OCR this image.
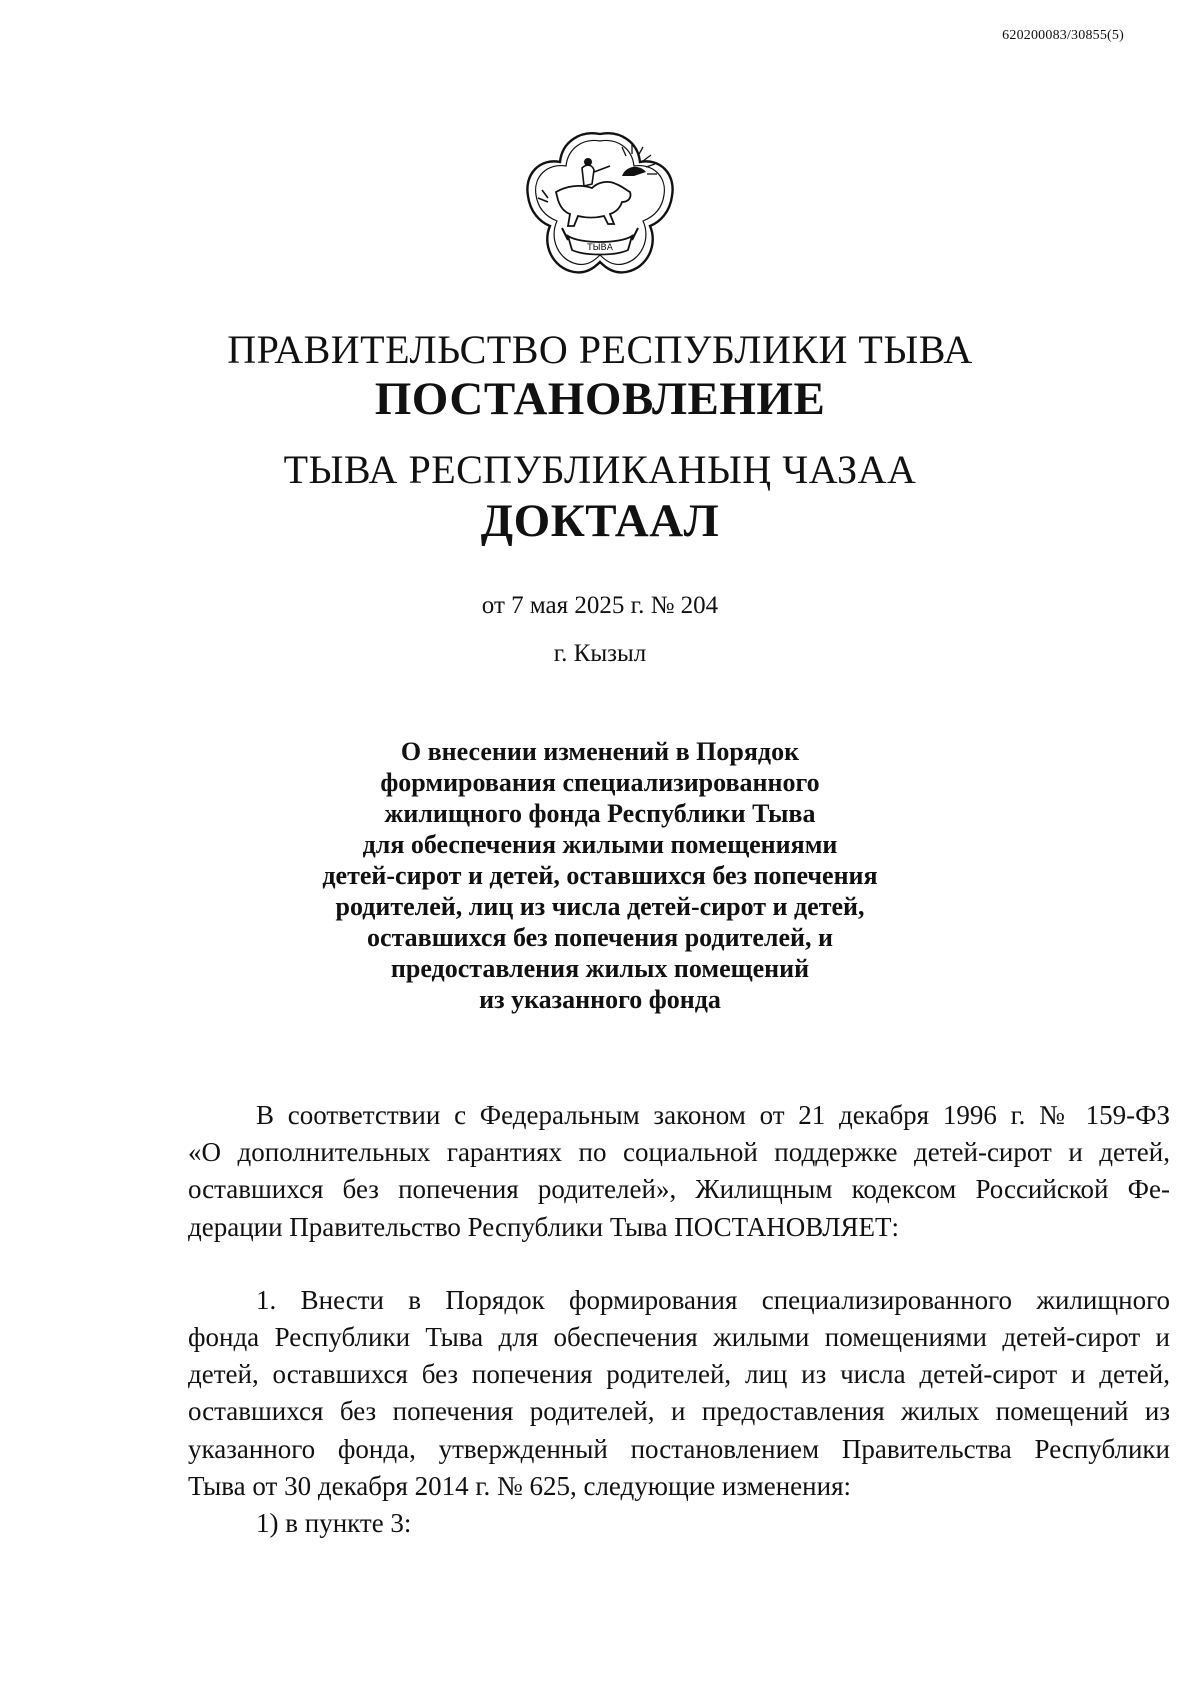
620200083/30855(5)
ТЫВА
ПРАВИТЕЛЬСТВО РЕСПУБЛИКИ ТЫВА
ПОСТАНОВЛЕНИЕ
ТЫВА РЕСПУБЛИКАНЫҢ ЧАЗАА
ДОКТААЛ
от 7 мая 2025 г. № 204
г. Кызыл
О внесении изменений в Порядок
формирования специализированного
жилищного фонда Республики Тыва
для обеспечения жилыми помещениями
детей-сирот и детей, оставшихся без попечения
родителей, лиц из числа детей-сирот и детей,
оставшихся без попечения родителей, и
предоставления жилых помещений
из указанного фонда
В соответствии с Федеральным законом от 21 декабря 1996 г. № 159-ФЗ
«О дополнительных гарантиях по социальной поддержке детей-сирот и детей,
оставшихся без попечения родителей», Жилищным кодексом Российской Фе-
дерации Правительство Республики Тыва ПОСТАНОВЛЯЕТ:
1. Внести в Порядок формирования специализированного жилищного
фонда Республики Тыва для обеспечения жилыми помещениями детей-сирот и
детей, оставшихся без попечения родителей, лиц из числа детей-сирот и детей,
оставшихся без попечения родителей, и предоставления жилых помещений из
указанного фонда, утвержденный постановлением Правительства Республики
Тыва от 30 декабря 2014 г. № 625, следующие изменения:
1) в пункте 3:
